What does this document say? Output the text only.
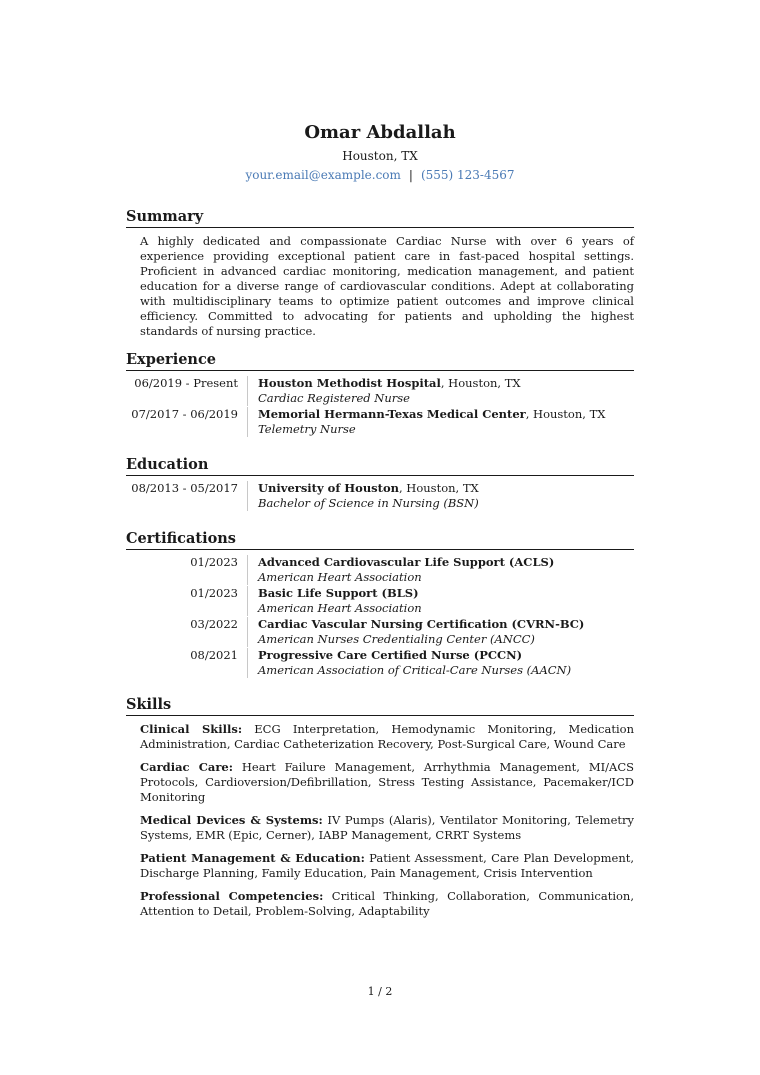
Omar Abdallah
Houston, TX
your.email@example.com | (555) 123-4567
Summary
A highly dedicated and compassionate Cardiac Nurse with over 6 years of experience providing exceptional patient care in fast-paced hospital settings. Proficient in advanced cardiac monitoring, medication management, and patient education for a diverse range of cardiovascular conditions. Adept at collaborating with multidisciplinary teams to optimize patient outcomes and improve clinical efficiency. Committed to advocating for patients and upholding the highest standards of nursing practice.
Experience
06/2019 - Present	Houston Methodist Hospital, Houston, TX
Cardiac Registered Nurse
07/2017 - 06/2019	Memorial Hermann-Texas Medical Center, Houston, TX
Telemetry Nurse
Education
08/2013 - 05/2017	University of Houston, Houston, TX
Bachelor of Science in Nursing (BSN)
Certifications
01/2023	Advanced Cardiovascular Life Support (ACLS)
American Heart Association
01/2023	Basic Life Support (BLS)
American Heart Association
03/2022	Cardiac Vascular Nursing Certification (CVRN-BC)
American Nurses Credentialing Center (ANCC)
08/2021	Progressive Care Certified Nurse (PCCN)
American Association of Critical-Care Nurses (AACN)
Skills
Clinical Skills: ECG Interpretation, Hemodynamic Monitoring, Medication Administration, Cardiac Catheterization Recovery, Post-Surgical Care, Wound Care
Cardiac Care: Heart Failure Management, Arrhythmia Management, MI/ACS Protocols, Cardioversion/Defibrillation, Stress Testing Assistance, Pacemaker/ICD Monitoring
Medical Devices & Systems: IV Pumps (Alaris), Ventilator Monitoring, Telemetry Systems, EMR (Epic, Cerner), IABP Management, CRRT Systems
Patient Management & Education: Patient Assessment, Care Plan Development, Discharge Planning, Family Education, Pain Management, Crisis Intervention
Professional Competencies: Critical Thinking, Collaboration, Communication, Attention to Detail, Problem-Solving, Adaptability
1 / 2
